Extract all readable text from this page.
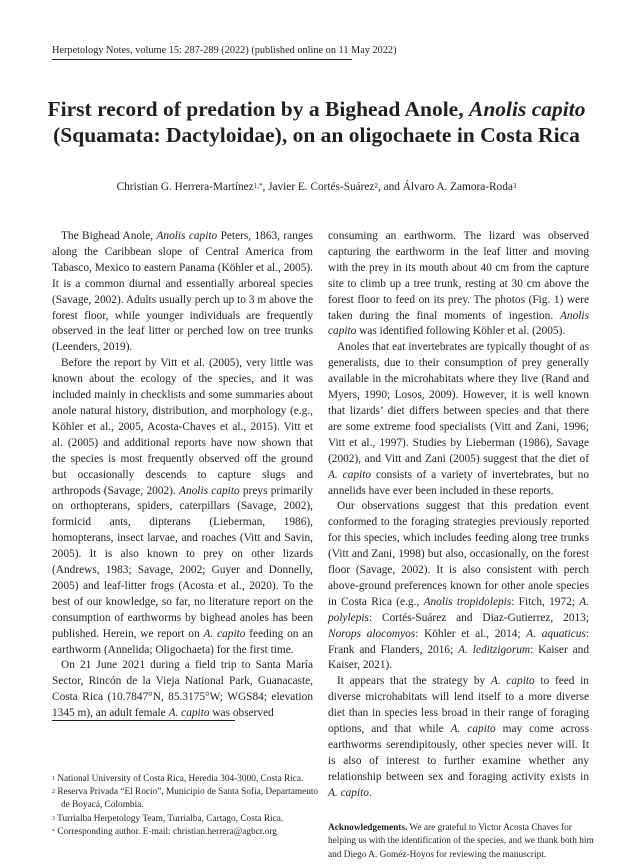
Herpetology Notes, volume 15: 287-289 (2022) (published online on 11 May 2022)
First record of predation by a Bighead Anole, Anolis capito
(Squamata: Dactyloidae), on an oligochaete in Costa Rica
Christian G. Herrera-Martínez$^{1,*}$, Javier E. Cortés-Suárez$^2$, and Álvaro A. Zamora-Roda$^3$

The Bighead Anole, Anolis capito Peters, 1863, ranges along the Caribbean slope of Central America from Tabasco, Mexico to eastern Panama (Köhler et al., 2005). It is a common diurnal and essentially arboreal species (Savage, 2002). Adults usually perch up to 3 m above the forest floor, while younger individuals are frequently observed in the leaf litter or perched low on tree trunks (Leenders, 2019).

Before the report by Vitt et al. (2005), very little was known about the ecology of the species, and it was included mainly in checklists and some summaries about anole natural history, distribution, and morphology (e.g., Köhler et al., 2005, Acosta-Chaves et al., 2015). Vitt et al. (2005) and additional reports have now shown that the species is most frequently observed off the ground but occasionally descends to capture slugs and arthropods (Savage, 2002). Anolis capito preys primarily on orthopterans, spiders, caterpillars (Savage, 2002), formicid ants, dipterans (Lieberman, 1986), homopterans, insect larvae, and roaches (Vitt and Savin, 2005). It is also known to prey on other lizards (Andrews, 1983; Savage, 2002; Guyer and Donnelly, 2005) and leaf-litter frogs (Acosta et al., 2020). To the best of our knowledge, so far, no literature report on the consumption of earthworms by bighead anoles has been published. Herein, we report on A. capito feeding on an earthworm (Annelida; Oligochaeta) for the first time.

On 21 June 2021 during a field trip to Santa María Sector, Rincón de la Vieja National Park, Guanacaste, Costa Rica (10.7847°N, 85.3175°W; WGS84; elevation 1345 m), an adult female A. capito was observed

consuming an earthworm. The lizard was observed capturing the earthworm in the leaf litter and moving with the prey in its mouth about 40 cm from the capture site to climb up a tree trunk, resting at 30 cm above the forest floor to feed on its prey. The photos (Fig. 1) were taken during the final moments of ingestion. Anolis capito was identified following Köhler et al. (2005).

Anoles that eat invertebrates are typically thought of as generalists, due to their consumption of prey generally available in the microhabitats where they live (Rand and Myers, 1990; Losos, 2009). However, it is well known that lizards’ diet differs between species and that there are some extreme food specialists (Vitt and Zani, 1996; Vitt et al., 1997). Studies by Lieberman (1986), Savage (2002), and Vitt and Zani (2005) suggest that the diet of A. capito consists of a variety of invertebrates, but no annelids have ever been included in these reports.

Our observations suggest that this predation event conformed to the foraging strategies previously reported for this species, which includes feeding along tree trunks (Vitt and Zani, 1998) but also, occasionally, on the forest floor (Savage, 2002). It is also consistent with perch above-ground preferences known for other anole species in Costa Rica (e.g., Anolis tropidolepis: Fitch, 1972; A. polylepis: Cortés-Suárez and Diaz-Gutierrez, 2013; Norops alocomyos: Köhler et al., 2014; A. aquaticus: Frank and Flanders, 2016; A. leditzigorum: Kaiser and Kaiser, 2021).

It appears that the strategy by A. capito to feed in diverse microhabitats will lend itself to a more diverse diet than in species less broad in their range of foraging options, and that while A. capito may come across earthworms serendipitously, other species never will. It is also of interest to further examine whether any relationship between sex and foraging activity exists in A. capito.

$^1$ National University of Costa Rica, Heredia 304-3000, Costa Rica.

$^2$ Reserva Privada “El Rocío”, Municipio de Santa Sofía, Departamento de Boyacá, Colombia.

$^3$ Turrialba Herpetology Team, Turrialba, Cartago, Costa Rica.

* Corresponding author. E-mail: christian.herrera@agbcr.org	Acknowledgements. We are grateful to Victor Acosta Chaves for helping us with the identification of the species, and we thank both him and Diego A. Goméz-Hoyos for reviewing the manuscript.
